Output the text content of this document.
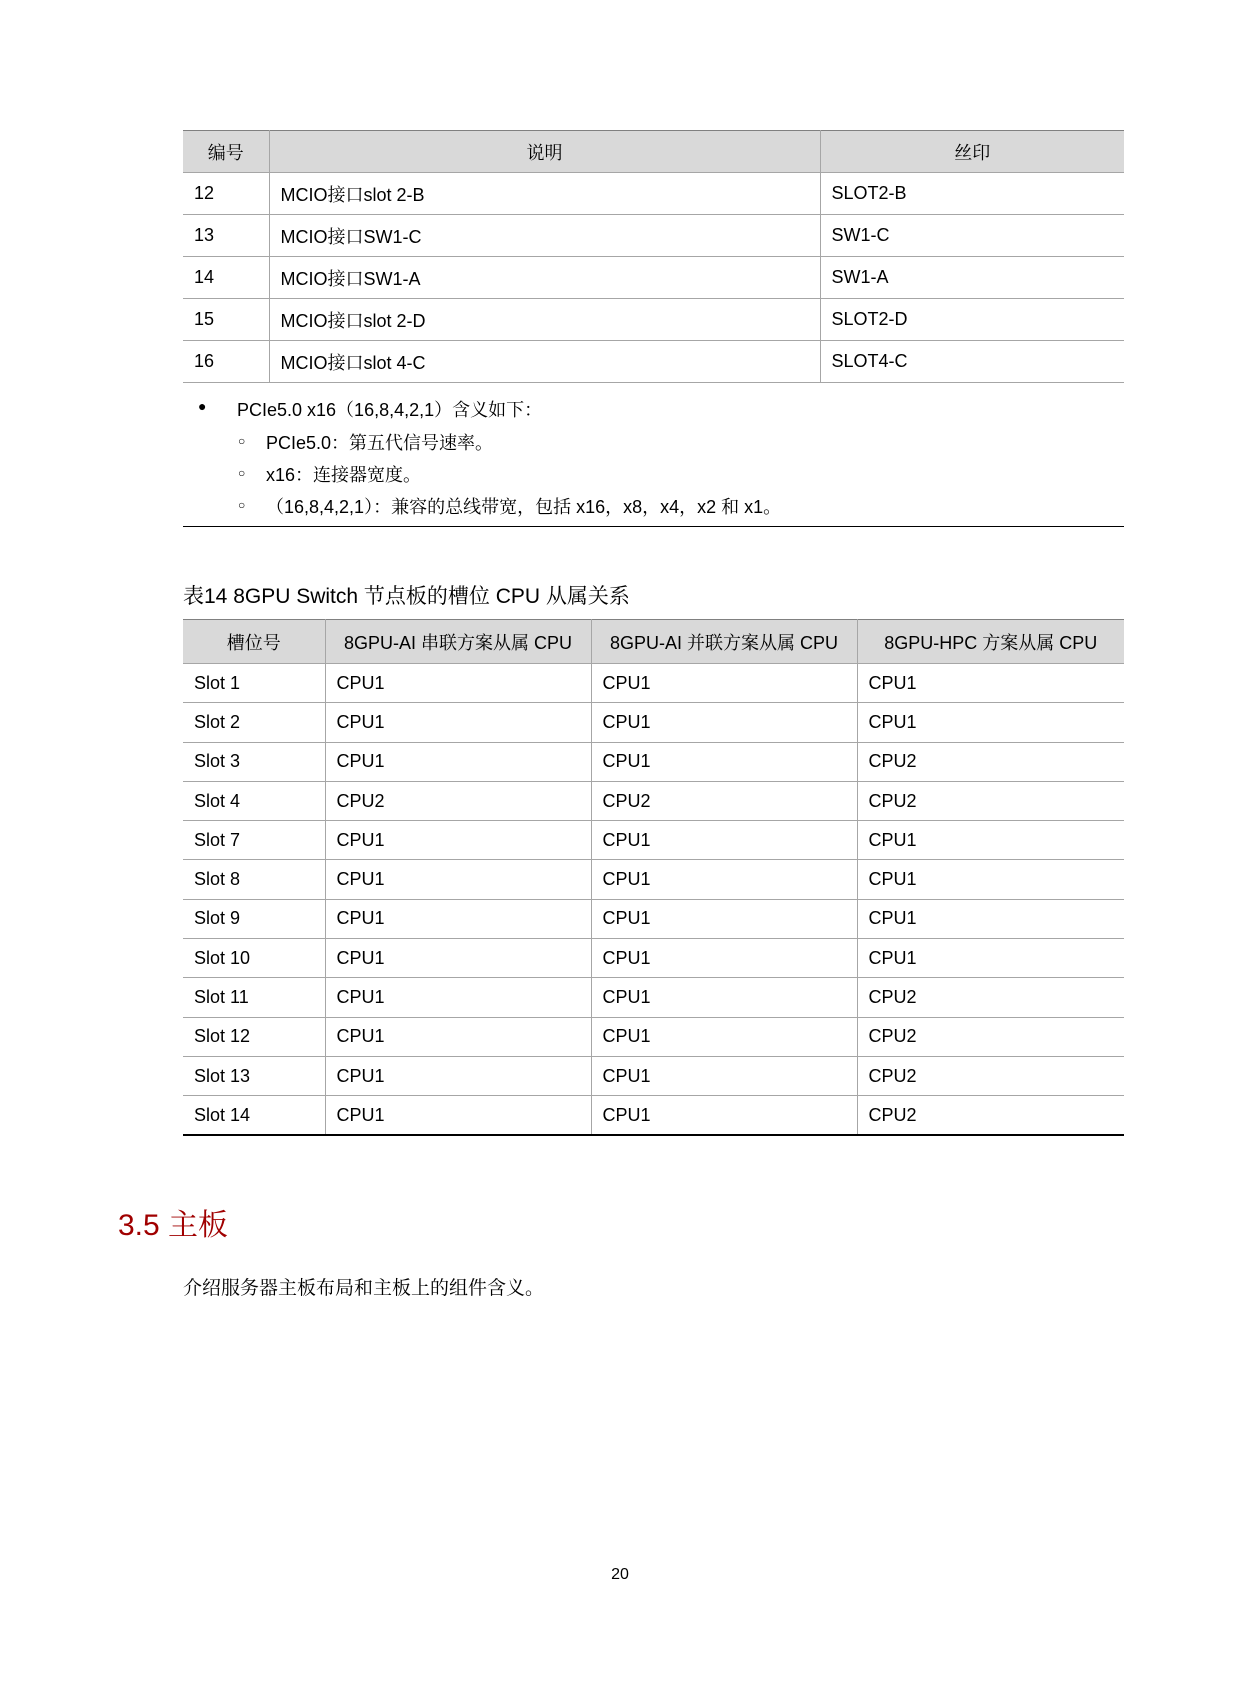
编号	说明	丝印
12	MCIO接口slot 2-B	SLOT2-B
13	MCIO接口SW1-C	SW1-C
14	MCIO接口SW1-A	SW1-A
15	MCIO接口slot 2-D	SLOT2-D
16	MCIO接口slot 4-C	SLOT4-C
● PCIe5.0 x16（16,8,4,2,1）含义如下：
○ PCIe5.0：第五代信号速率。
○ x16：连接器宽度。
○ （16,8,4,2,1）：兼容的总线带宽，包括 x16，x8，x4，x2 和 x1。
表14 8GPU Switch 节点板的槽位 CPU 从属关系
槽位号	8GPU-AI 串联方案从属 CPU	8GPU-AI 并联方案从属 CPU	8GPU-HPC 方案从属 CPU
Slot 1	CPU1	CPU1	CPU1
Slot 2	CPU1	CPU1	CPU1
Slot 3	CPU1	CPU1	CPU2
Slot 4	CPU2	CPU2	CPU2
Slot 7	CPU1	CPU1	CPU1
Slot 8	CPU1	CPU1	CPU1
Slot 9	CPU1	CPU1	CPU1
Slot 10	CPU1	CPU1	CPU1
Slot 11	CPU1	CPU1	CPU2
Slot 12	CPU1	CPU1	CPU2
Slot 13	CPU1	CPU1	CPU2
Slot 14	CPU1	CPU1	CPU2
3.5 主板
介绍服务器主板布局和主板上的组件含义。
20
